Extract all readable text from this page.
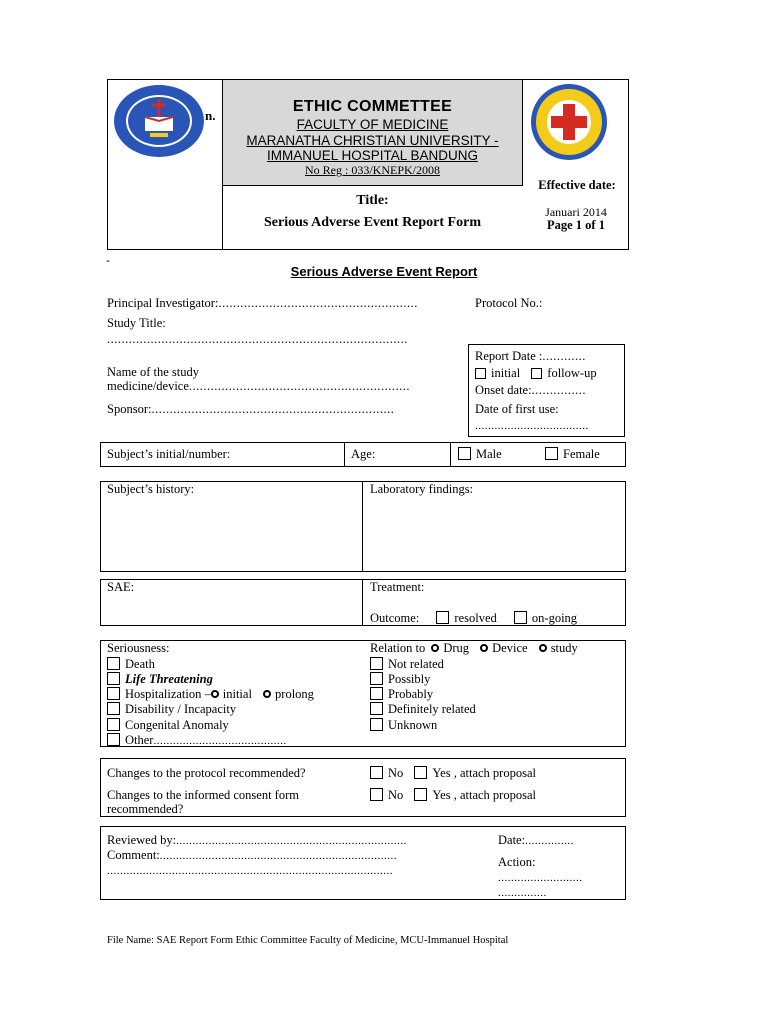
n.
ETHIC COMMETTEE
FACULTY OF MEDICINE
MARANATHA CHRISTIAN UNIVERSITY -
IMMANUEL HOSPITAL BANDUNG
No Reg : 033/KNEPK/2008
Title:
Serious Adverse Event Report Form
Effective date:
Januari 2014
Page 1 of 1
-
Serious Adverse Event Report
Principal Investigator:.......................................................	Protocol No.:
Study Title:
...................................................................................
Name of the study
medicine/device.............................................................
Sponsor:...................................................................
Report Date :............
initial follow-up
Onset date:...............
Date of first use:
...................................
Subject’s initial/number:	Age:	Male	Female
Subject’s history:	Laboratory findings:
SAE:	Treatment:
Outcome:	resolved	on-going
Seriousness:
Death
Life Threatening
Hospitalization – initial prolong
Disability / Incapacity
Congenital Anomaly
Other.........................................
Relation to Drug Device study
Not related
Possibly
Probably
Definitely related
Unknown
Changes to the protocol recommended?	No Yes , attach proposal
Changes to the informed consent form
recommended?
No Yes , attach proposal
Reviewed by:.......................................................................
Comment:.........................................................................
........................................................................................
Date:...............
Action:
..........................
...............
File Name: SAE Report Form Ethic Committee Faculty of Medicine, MCU-Immanuel Hospital
